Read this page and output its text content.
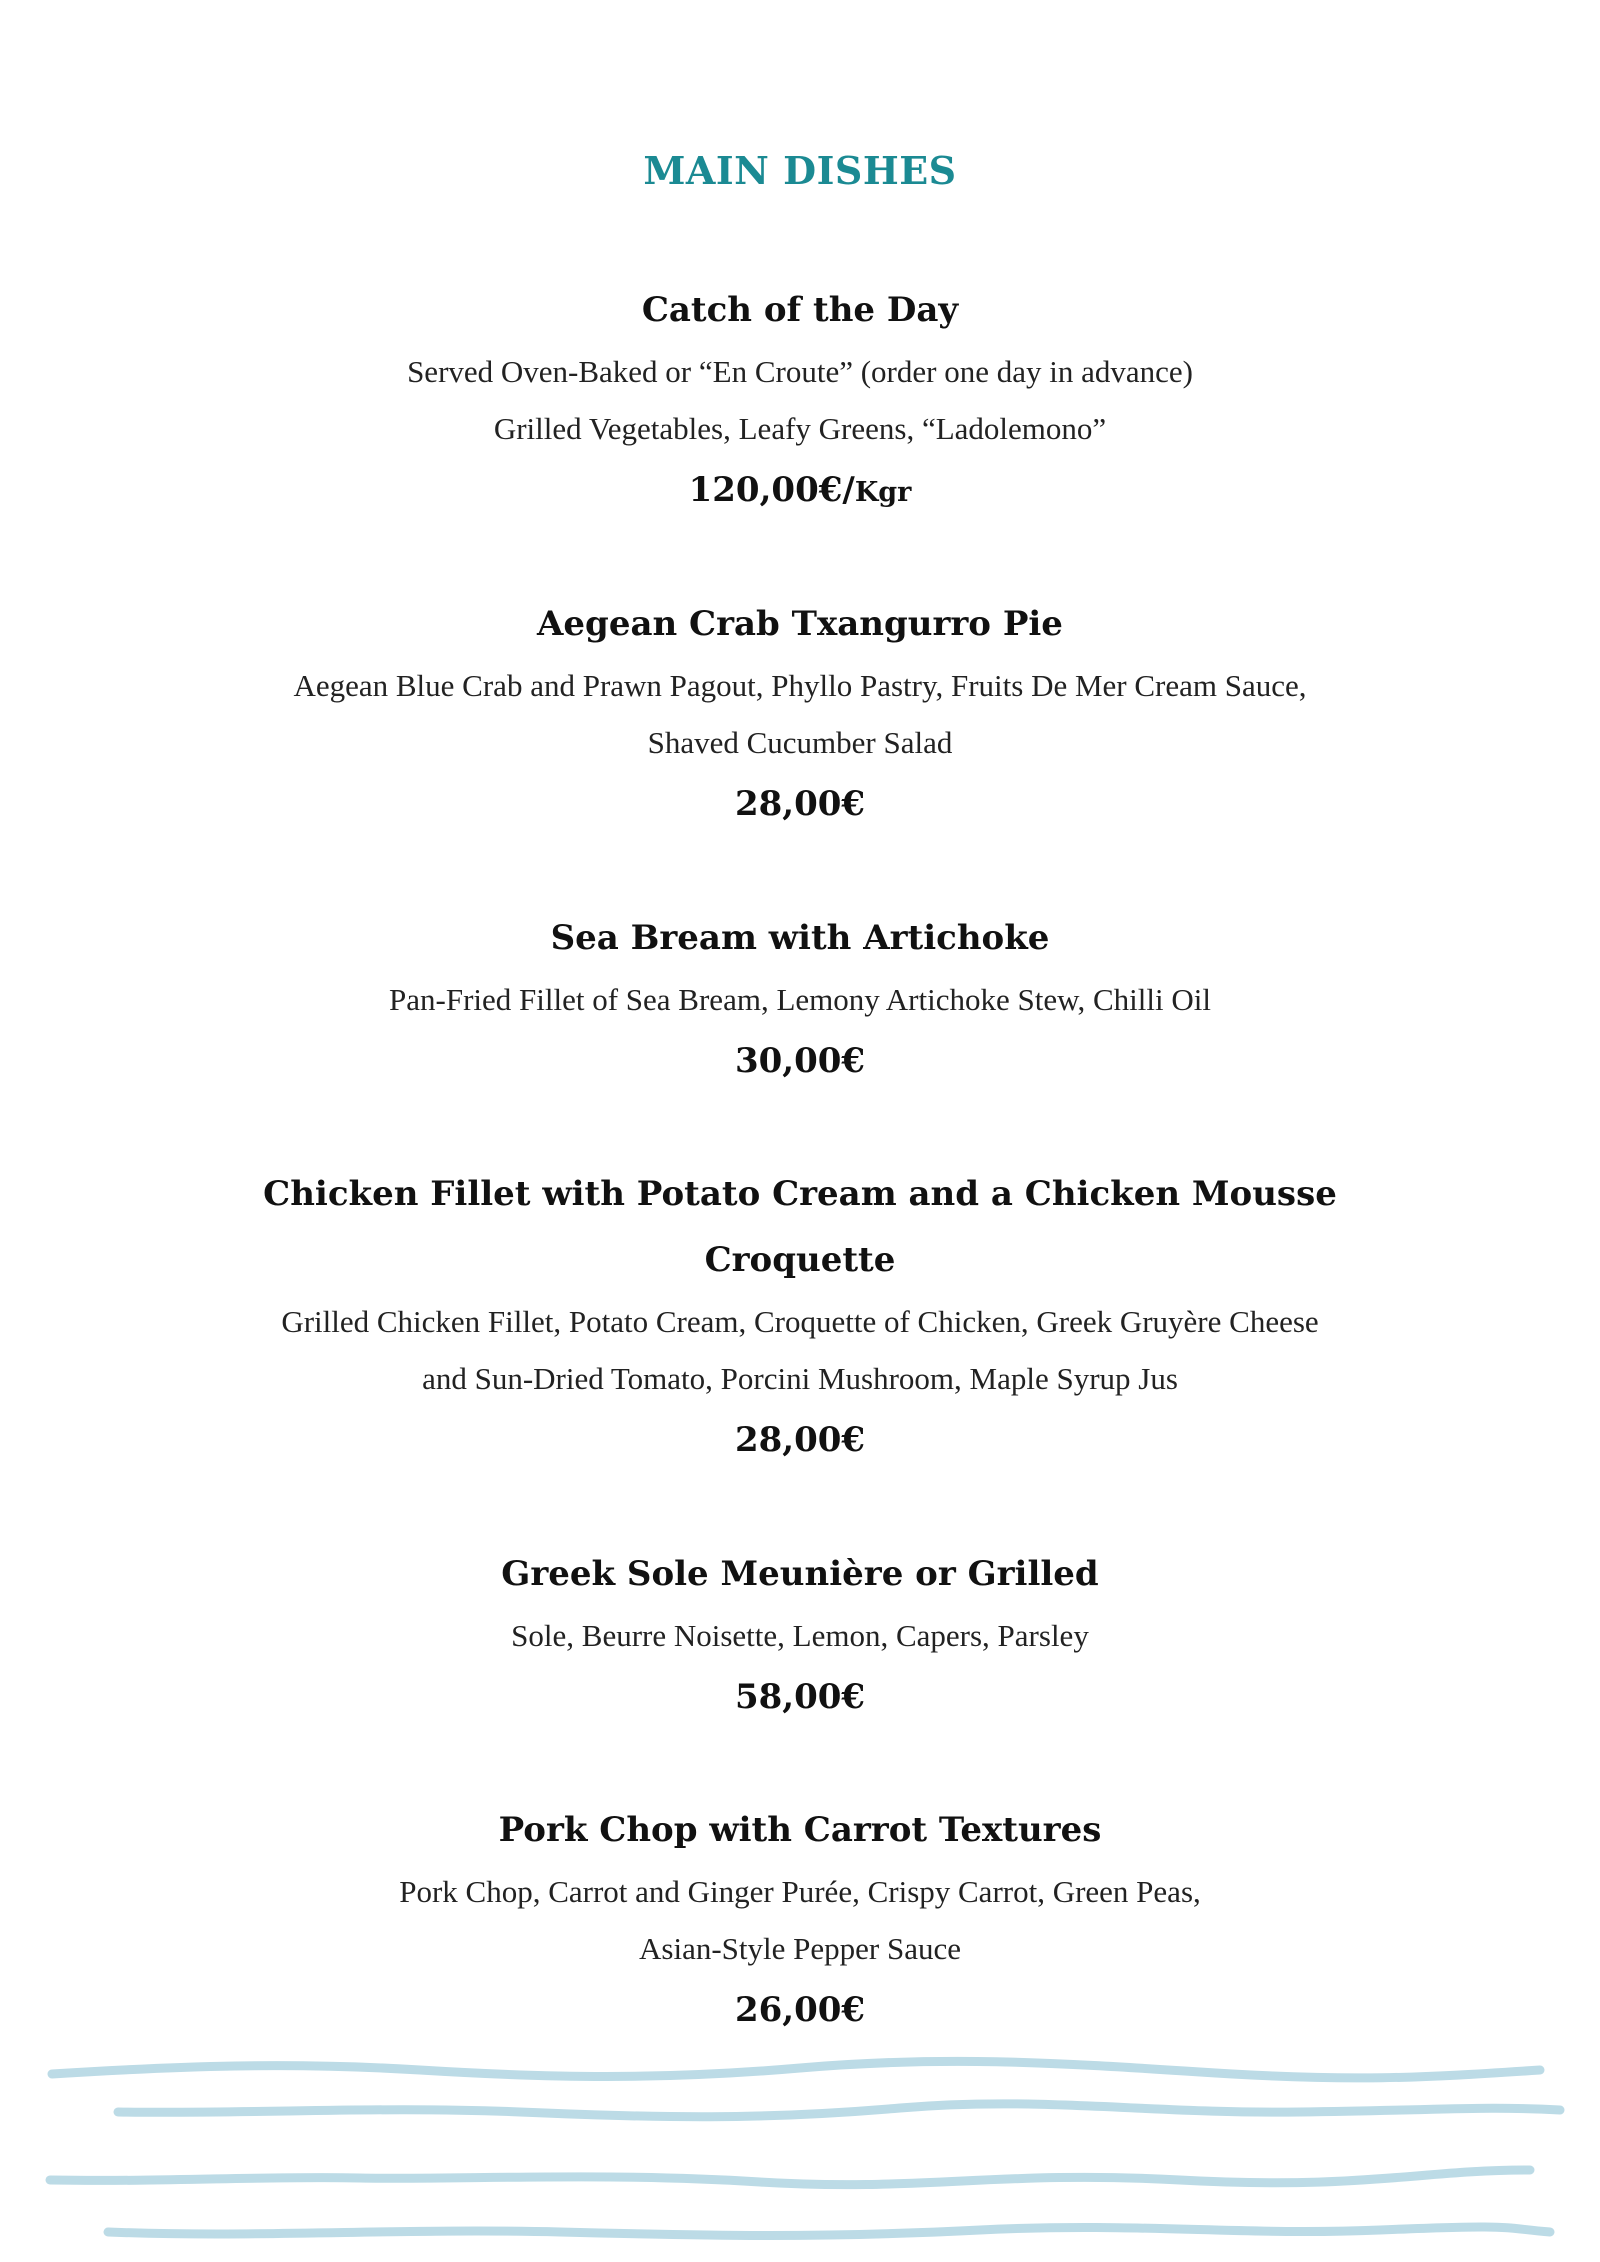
MAIN DISHES
Catch of the Day
Served Oven-Baked or “En Croute” (order one day in advance)
Grilled Vegetables, Leafy Greens, “Ladolemono”
120,00€/Kgr
Aegean Crab Txangurro Pie
Aegean Blue Crab and Prawn Pagout, Phyllo Pastry, Fruits De Mer Cream Sauce,
Shaved Cucumber Salad
28,00€
Sea Bream with Artichoke
Pan-Fried Fillet of Sea Bream, Lemony Artichoke Stew, Chilli Oil
30,00€
Chicken Fillet with Potato Cream and a Chicken Mousse
Croquette
Grilled Chicken Fillet, Potato Cream, Croquette of Chicken, Greek Gruyère Cheese
and Sun-Dried Tomato, Porcini Mushroom, Maple Syrup Jus
28,00€
Greek Sole Meunière or Grilled
Sole, Beurre Noisette, Lemon, Capers, Parsley
58,00€
Pork Chop with Carrot Textures
Pork Chop, Carrot and Ginger Purée, Crispy Carrot, Green Peas,
Asian-Style Pepper Sauce
26,00€
